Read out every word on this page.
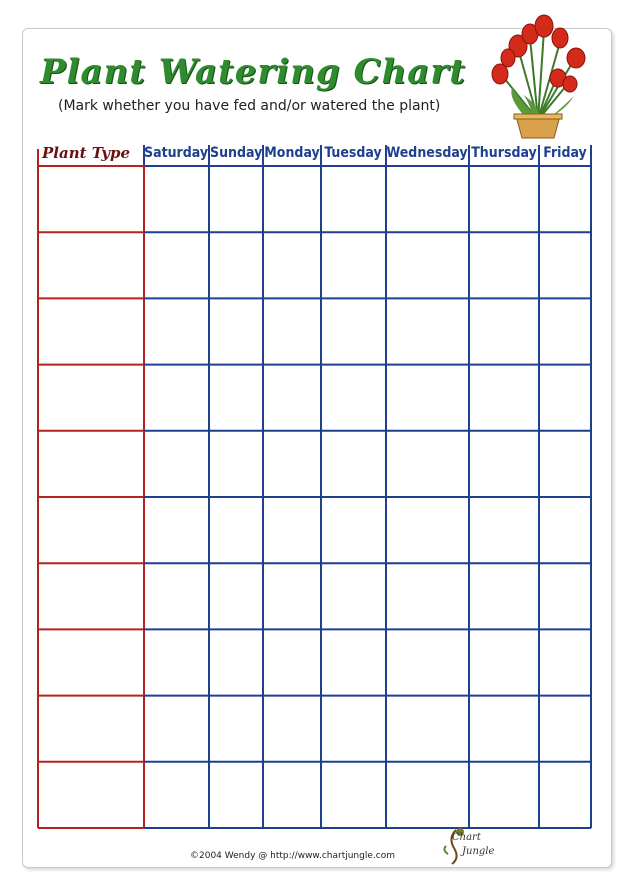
Plant Watering Chart
(Mark whether you have fed and/or watered the plant)
Plant Type Saturday Sunday Monday Tuesday Wednesday Thursday Friday
©2004 Wendy @ http://www.chartjungle.com
Chart
Jungle
